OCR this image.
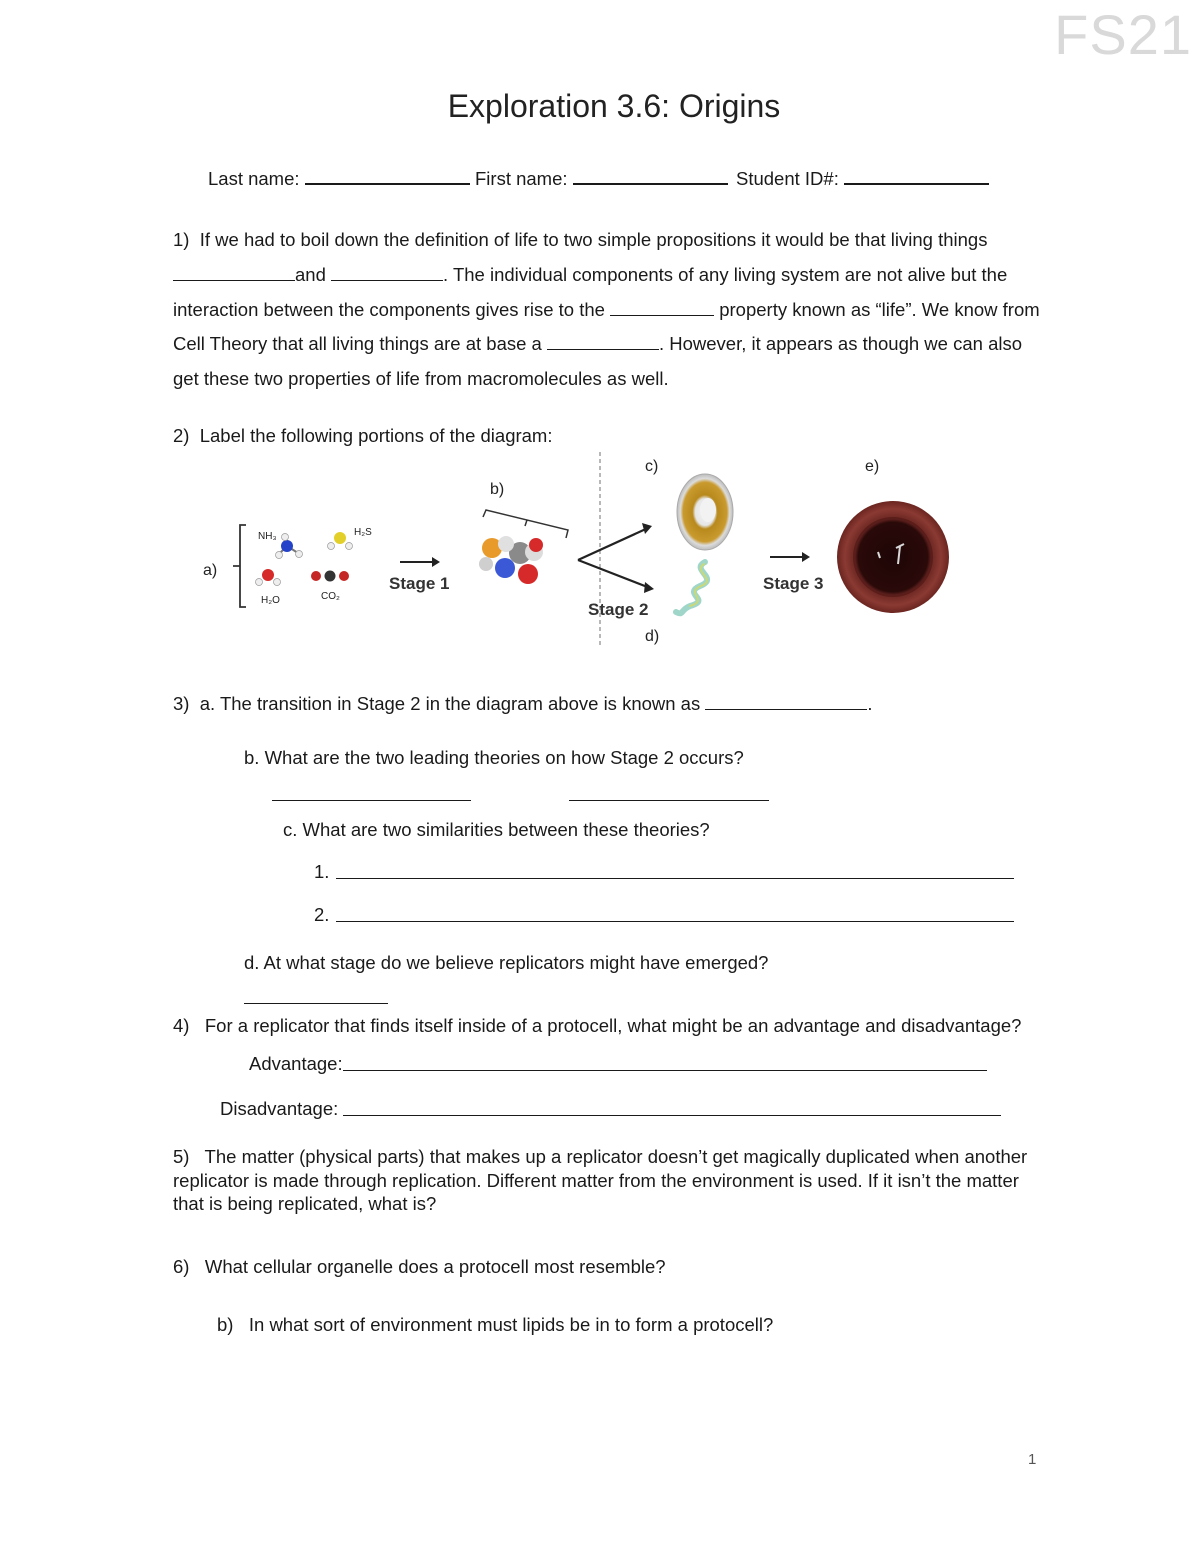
FS21
Exploration 3.6: Origins
Last name:	First name:	Student ID#:
1) If we had to boil down the definition of life to two simple propositions it would be that living things and	. The individual components of any living system are not alive but the interaction between the components gives rise to the	property known as “life”. We know from Cell Theory that all living things are at base a	. However, it appears as though we can also get these two properties of life from macromolecules as well.
2) Label the following portions of the diagram:
a)
NH₃	H₂S
H₂O	CO₂
Stage 1
b)
Stage 2
c)
d)
Stage 3
e)
3) a. The transition in Stage 2 in the diagram above is known as	.
b. What are the two leading theories on how Stage 2 occurs?
c. What are two similarities between these theories?
1.
2.
d. At what stage do we believe replicators might have emerged?
4) For a replicator that finds itself inside of a protocell, what might be an advantage and disadvantage?
Advantage:
Disadvantage:
5) The matter (physical parts) that makes up a replicator doesn’t get magically duplicated when another replicator is made through replication. Different matter from the environment is used. If it isn’t the matter that is being replicated, what is?
6) What cellular organelle does a protocell most resemble?
b) In what sort of environment must lipids be in to form a protocell?
1
